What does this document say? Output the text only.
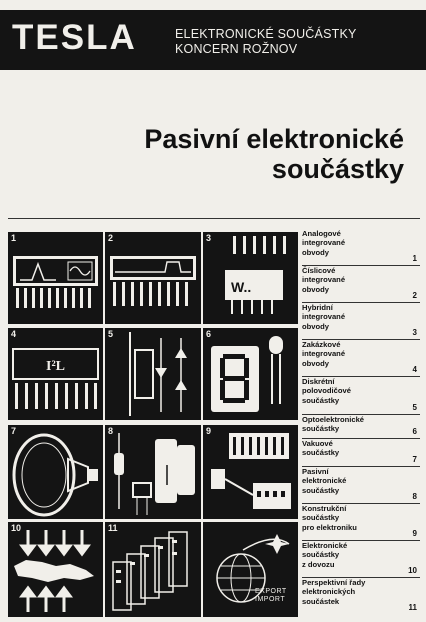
TESLA	ELEKTRONICKÉ SOUČÁSTKY
KONCERN ROŽNOV
Pasivní elektronické
součástky
1	2
W..
3
I²L
4	5	6
7	8	9
10	11
EXPORT
IMPORT
Analogové
integrované
obvody
1
Číslicové
integrované
obvody
2
Hybridní
integrované
obvody
3
Zakázkové
integrované
obvody
4
Diskrétní
polovodičové
součástky
5
Optoelektronické
součástky	6
Vakuové
součástky
7
Pasivní
elektronické
součástky
8
Konstrukční
součástky
pro elektroniku
9
Elektronické
součástky
z dovozu
10
Perspektivní řady
elektronických
součástek
11
